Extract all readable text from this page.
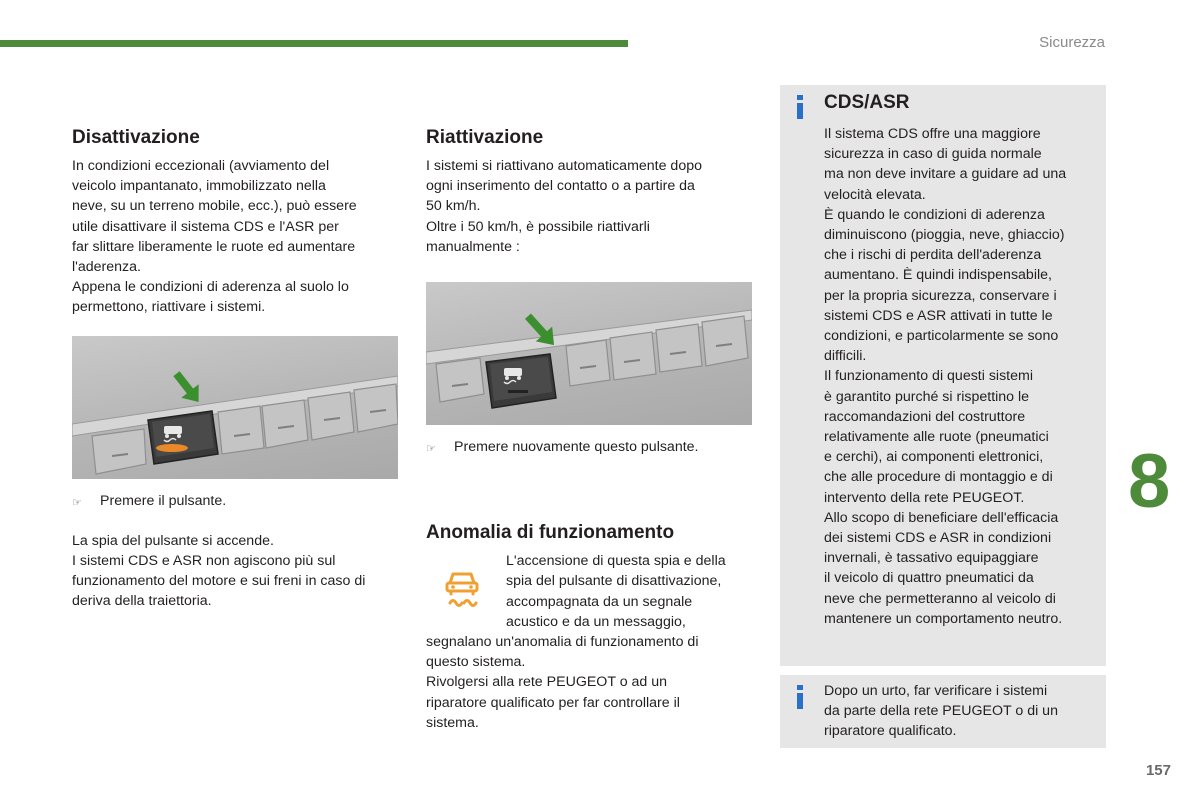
Sicurezza
Disattivazione

In condizioni eccezionali (avviamento del

veicolo impantanato, immobilizzato nella

neve, su un terreno mobile, ecc.), può essere

utile disattivare il sistema CDS e l'ASR per

far slittare liberamente le ruote ed aumentare

l'aderenza.

Appena le condizioni di aderenza al suolo lo

permettono, riattivare i sistemi.

☞	Premere il pulsante.

La spia del pulsante si accende.

I sistemi CDS e ASR non agiscono più sul

funzionamento del motore e sui freni in caso di

deriva della traiettoria.

Riattivazione

I sistemi si riattivano automaticamente dopo

ogni inserimento del contatto o a partire da

50 km/h.

Oltre i 50 km/h, è possibile riattivarli

manualmente :

☞	Premere nuovamente questo pulsante.
Anomalia di funzionamento

L'accensione di questa spia e della

spia del pulsante di disattivazione,

accompagnata da un segnale

acustico e da un messaggio,

segnalano un'anomalia di funzionamento di

questo sistema.

Rivolgersi alla rete PEUGEOT o ad un

riparatore qualificato per far controllare il

sistema.

CDS/ASR

Il sistema CDS offre una maggiore

sicurezza in caso di guida normale

ma non deve invitare a guidare ad una

velocità elevata.

È quando le condizioni di aderenza

diminuiscono (pioggia, neve, ghiaccio)

che i rischi di perdita dell'aderenza

aumentano. È quindi indispensabile,

per la propria sicurezza, conservare i

sistemi CDS e ASR attivati in tutte le

condizioni, e particolarmente se sono

difficili.

Il funzionamento di questi sistemi

è garantito purché si rispettino le

raccomandazioni del costruttore

relativamente alle ruote (pneumatici

e cerchi), ai componenti elettronici,

che alle procedure di montaggio e di

intervento della rete PEUGEOT.

Allo scopo di beneficiare dell'efficacia

dei sistemi CDS e ASR in condizioni

invernali, è tassativo equipaggiare

il veicolo di quattro pneumatici da

neve che permetteranno al veicolo di

mantenere un comportamento neutro.

Dopo un urto, far verificare i sistemi

da parte della rete PEUGEOT o di un

riparatore qualificato.

8
157
